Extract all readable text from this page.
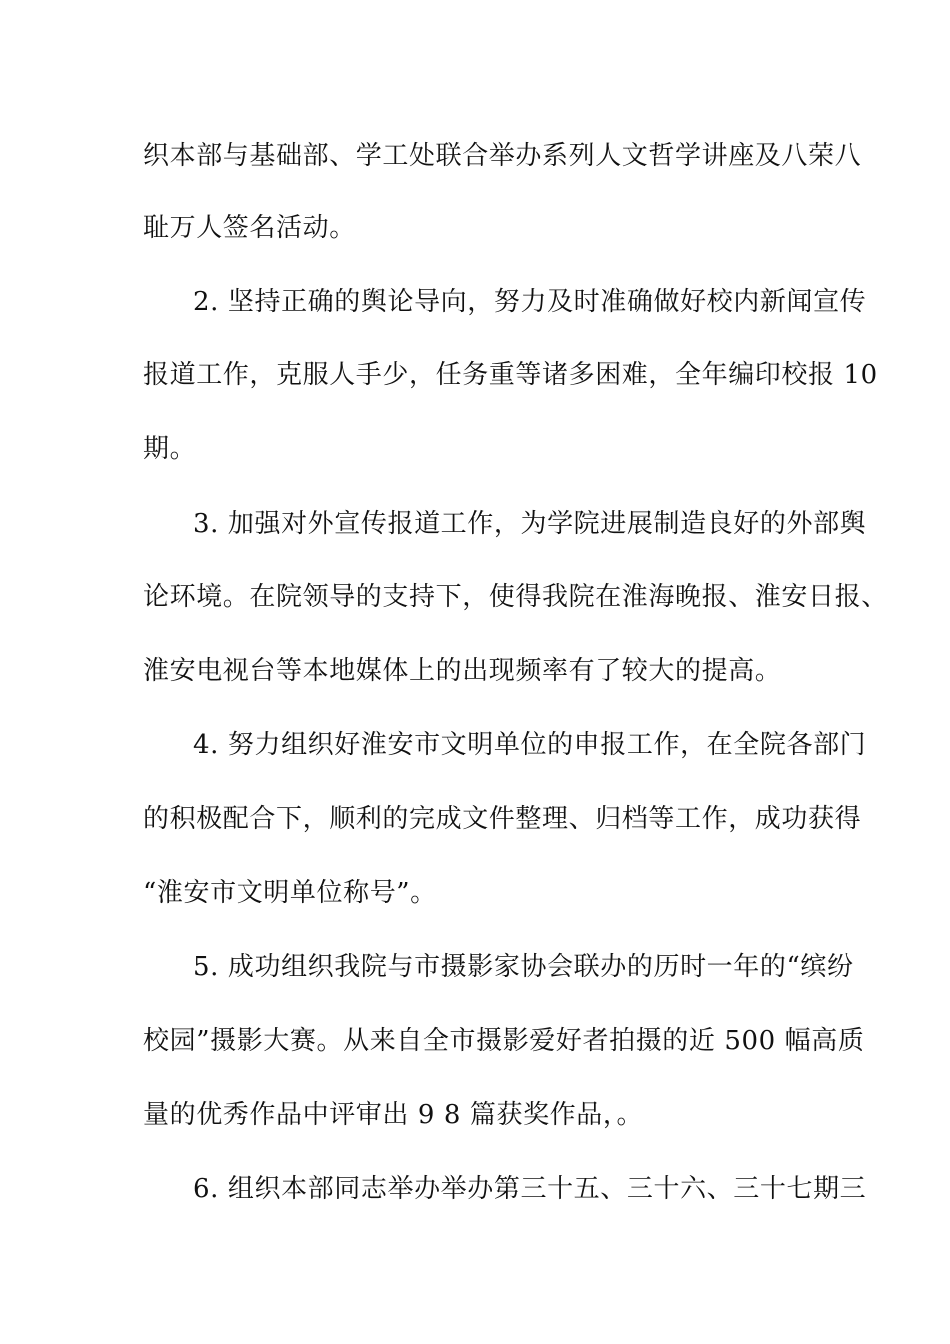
织本部与基础部、学工处联合举办系列人文哲学讲座及八荣八
耻万人签名活动。
2. 坚持正确的舆论导向，努力及时准确做好校内新闻宣传
报道工作，克服人手少，任务重等诸多困难，全年编印校报 10
期。
3. 加强对外宣传报道工作，为学院进展制造良好的外部舆
论环境。在院领导的支持下，使得我院在淮海晚报、淮安日报、
淮安电视台等本地媒体上的出现频率有了较大的提高。
4. 努力组织好淮安市文明单位的申报工作，在全院各部门
的积极配合下，顺利的完成文件整理、归档等工作，成功获得
“淮安市文明单位称号”。
5. 成功组织我院与市摄影家协会联办的历时一年的“缤纷
校园”摄影大赛。从来自全市摄影爱好者拍摄的近 500 幅高质
量的优秀作品中评审出 9 8 篇获奖作品，。
6. 组织本部同志举办举办第三十五、三十六、三十七期三
